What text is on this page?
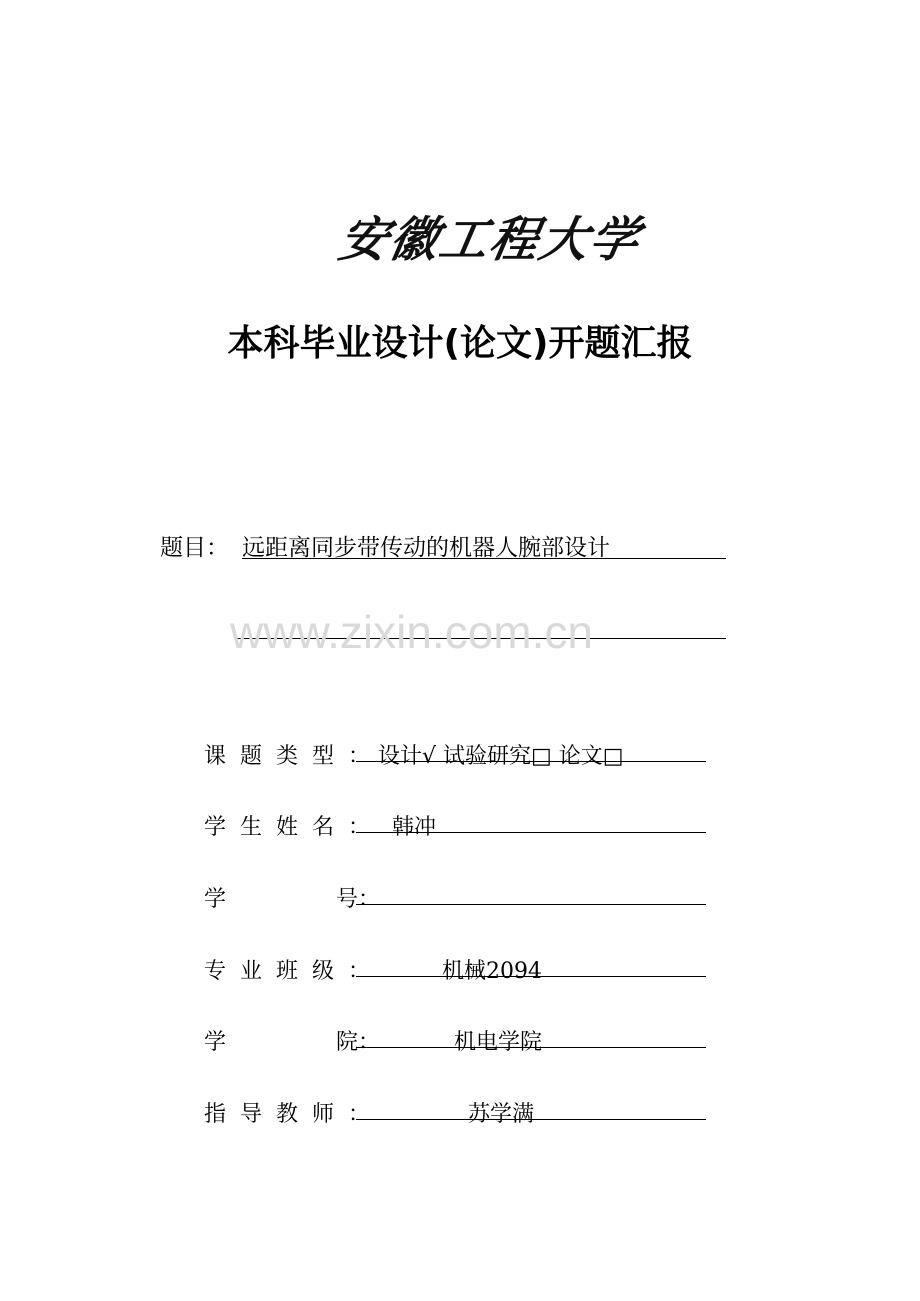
安徽工程大学
本科毕业设计(论文)开题汇报
题目： 远距离同步带传动的机器人腕部设计
www.zixin.com.cn
课题类型： 设计√ 试验研究□ 论文□
学生姓名： 韩冲
学	号：
专业班级：	机械2094
学	院：	机电学院
指导教师：	苏学满
